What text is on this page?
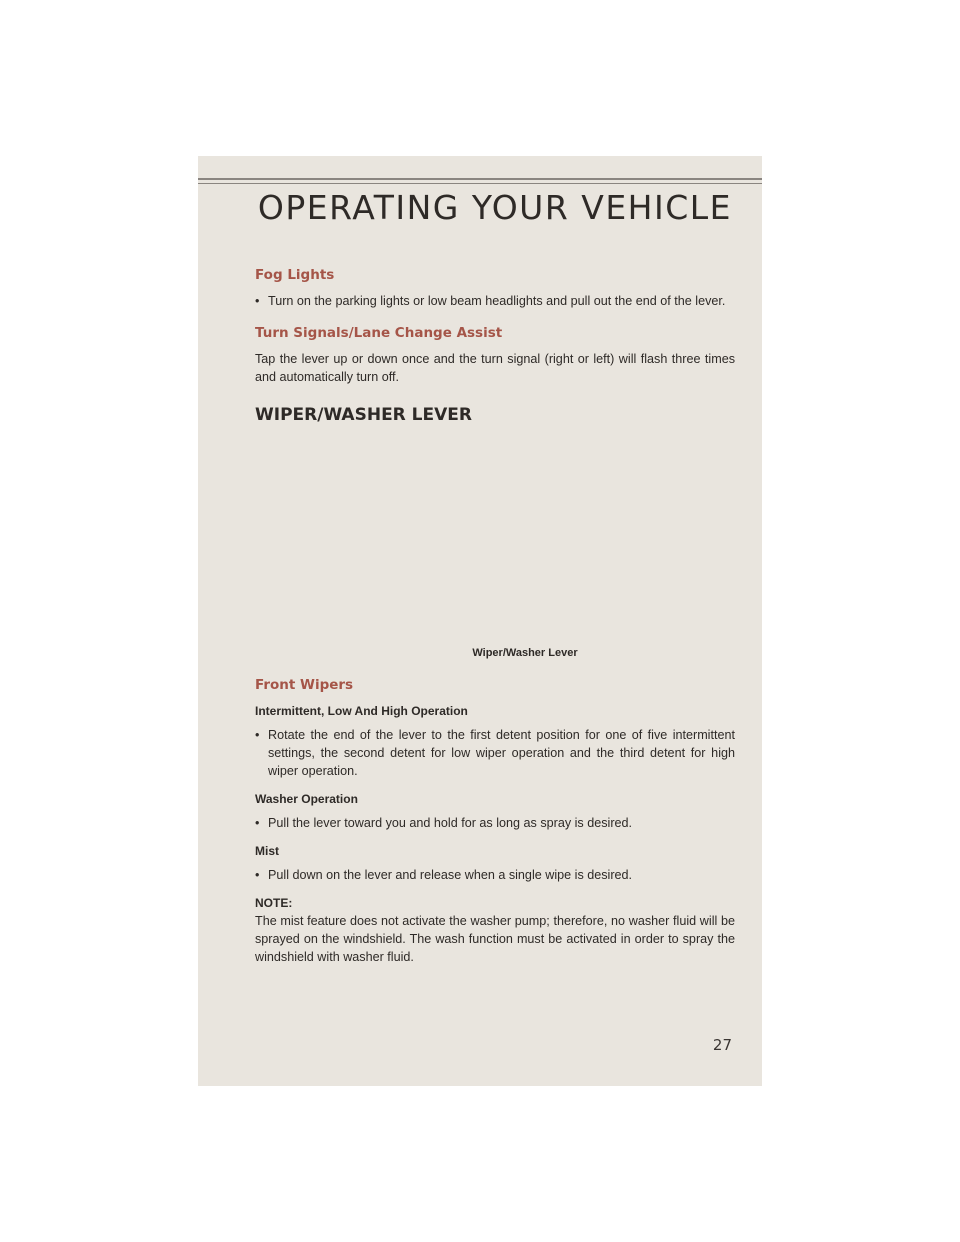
OPERATING YOUR VEHICLE
Fog Lights

• Turn on the parking lights or low beam headlights and pull out the end of the lever.

Turn Signals/Lane Change Assist

Tap the lever up or down once and the turn signal (right or left) will flash three times and automatically turn off.

WIPER/WASHER LEVER

Wiper/Washer Lever

Front Wipers

Intermittent, Low And High Operation

• Rotate the end of the lever to the first detent position for one of five intermittent settings, the second detent for low wiper operation and the third detent for high wiper operation.

Washer Operation

• Pull the lever toward you and hold for as long as spray is desired.

Mist

• Pull down on the lever and release when a single wipe is desired.

NOTE:

The mist feature does not activate the washer pump; therefore, no washer fluid will be sprayed on the windshield. The wash function must be activated in order to spray the windshield with washer fluid.

27
